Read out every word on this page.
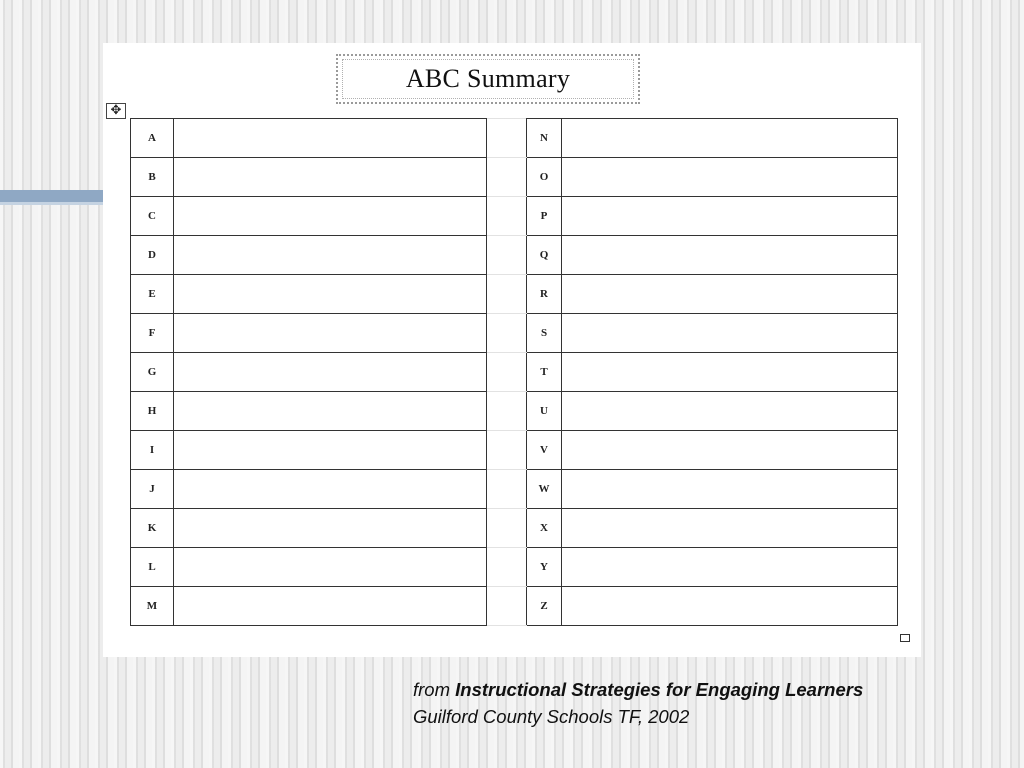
ABC Summary
✥
A			N	
B			O	
C			P	
D			Q	
E			R	
F			S	
G			T	
H			U	
I			V	
J			W	
K			X	
L			Y	
M			Z	
from Instructional Strategies for Engaging Learners
Guilford County Schools TF, 2002
